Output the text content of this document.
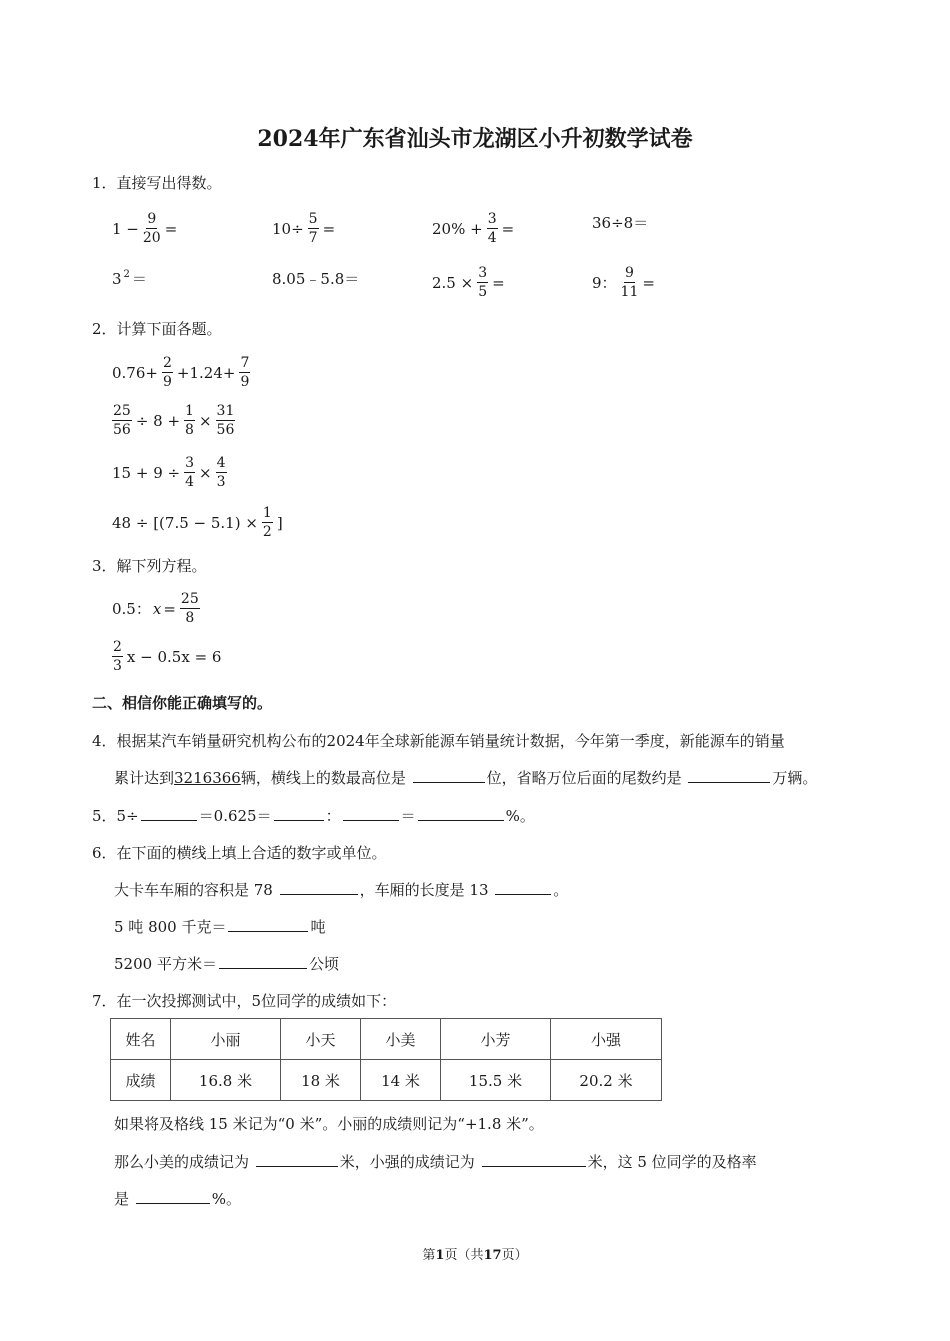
2024年广东省汕头市龙湖区小升初数学试卷
1．直接写出得数。
$1 - \frac{9}{20}$ =	$10\div \frac{5}{7}$ =	$20\% + \frac{3}{4}$ =	36÷8＝
$3^2$ ＝	8.05﹣5.8＝	$2.5 \times \frac{3}{5}$ =	9： $\frac{9}{11}$ =
2．计算下面各题。
$0.76+ \frac{2}{9} +1.24+ \frac{7}{9}$
$\frac{25}{56} \div 8 + \frac{1}{8} \times \frac{31}{56}$
$15 + 9 \div \frac{3}{4} \times \frac{4}{3}$
$48 \div [(7.5 - 5.1) \times \frac{1}{2}$ ]
3．解下列方程。
0.5： $x = \frac{25}{8}$
$\frac{2}{3}$ x − 0.5x = 6
二、相信你能正确填写的。
4．根据某汽车销量研究机构公布的2024年全球新能源车销量统计数据，今年第一季度，新能源车的销量
累计达到3216366辆，横线上的数最高位是	位，省略万位后面的尾数约是	万辆。
5．5÷	＝0.625＝	：	＝	%。
6．在下面的横线上填上合适的数字或单位。
大卡车车厢的容积是 78	，车厢的长度是 13	。
5 吨 800 千克＝	吨
5200 平方米＝	公顷
7．在一次投掷测试中，5位同学的成绩如下：
姓名	小丽	小天	小美	小芳	小强
成绩	16.8 米	18 米	14 米	15.5 米	20.2 米
如果将及格线 15 米记为“0 米”。小丽的成绩则记为“+1.8 米”。
那么小美的成绩记为	米，小强的成绩记为	米，这 5 位同学的及格率
是	%。
第1页（共17页）
